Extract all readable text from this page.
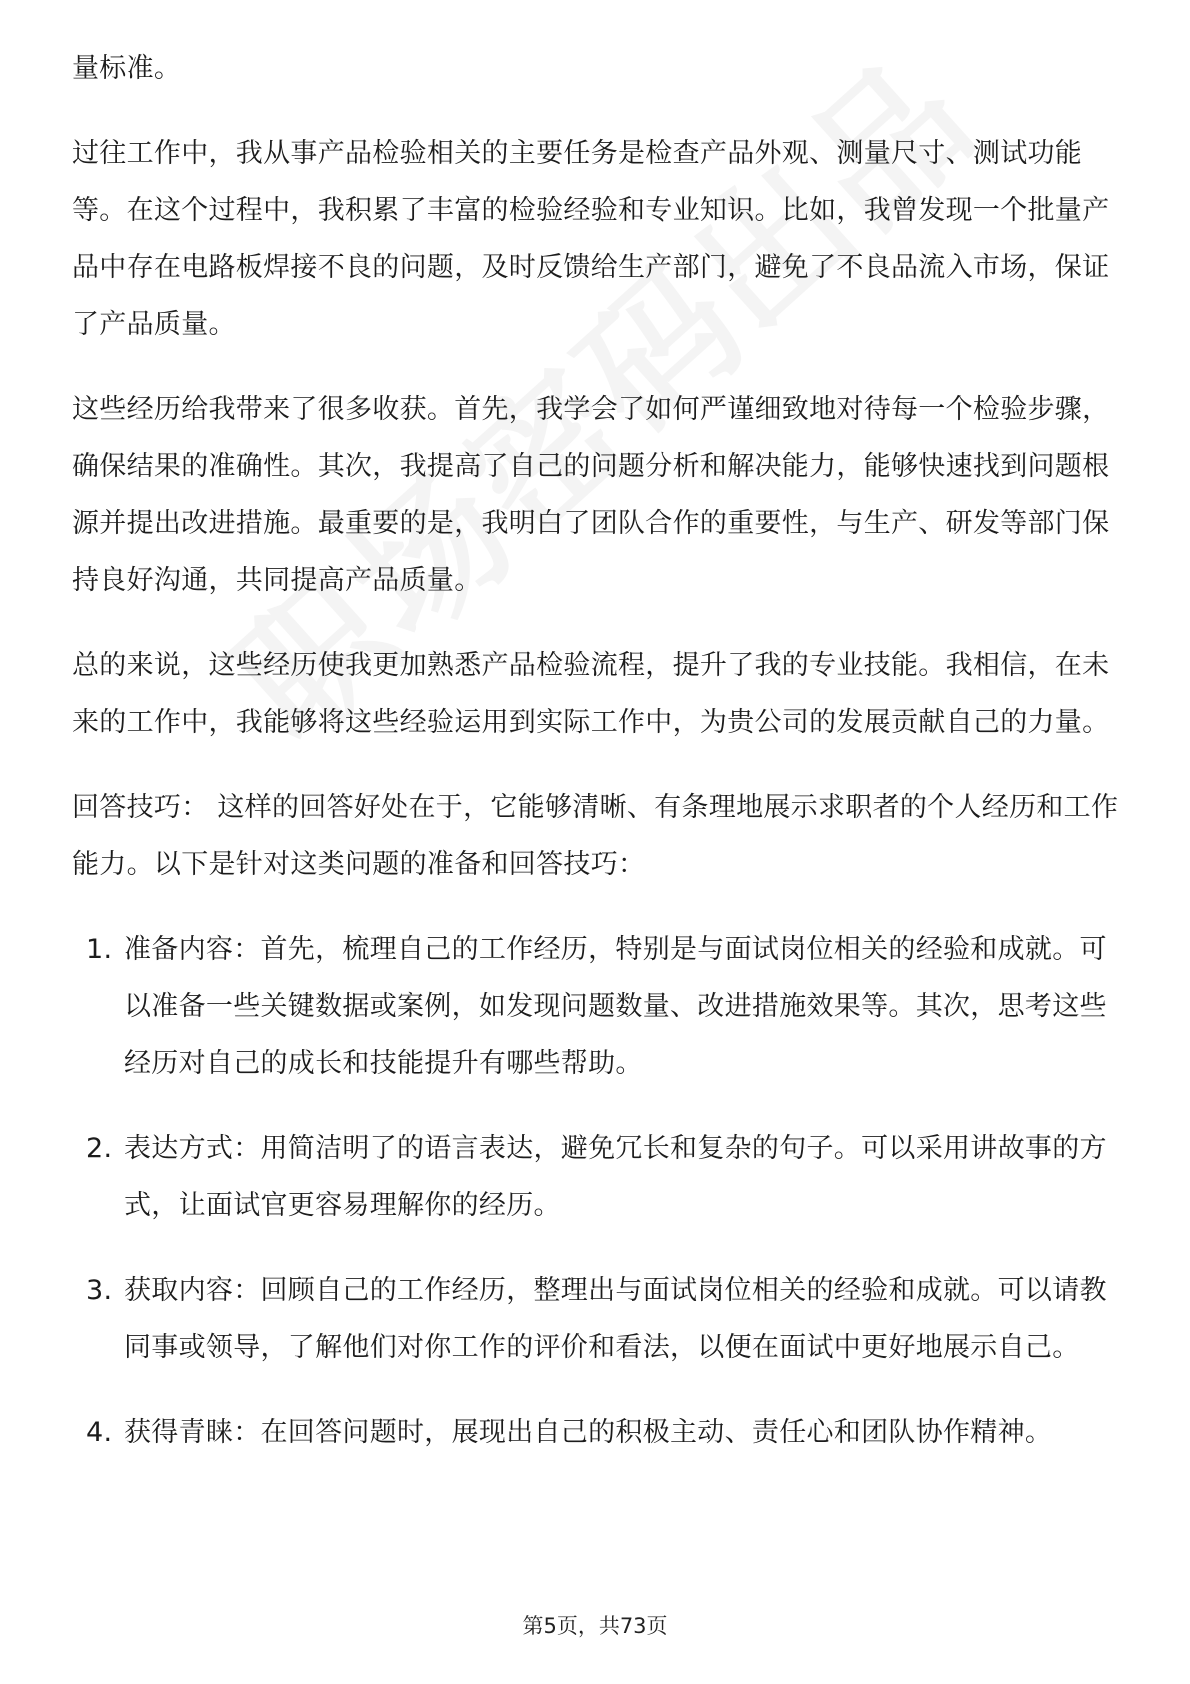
量标准。

过往工作中，我从事产品检验相关的主要任务是检查产品外观、测量尺寸、测试功能等。在这个过程中，我积累了丰富的检验经验和专业知识。比如，我曾发现一个批量产品中存在电路板焊接不良的问题，及时反馈给生产部门，避免了不良品流入市场，保证了产品质量。

这些经历给我带来了很多收获。首先，我学会了如何严谨细致地对待每一个检验步骤，确保结果的准确性。其次，我提高了自己的问题分析和解决能力，能够快速找到问题根源并提出改进措施。最重要的是，我明白了团队合作的重要性，与生产、研发等部门保持良好沟通，共同提高产品质量。

总的来说，这些经历使我更加熟悉产品检验流程，提升了我的专业技能。我相信，在未来的工作中，我能够将这些经验运用到实际工作中，为贵公司的发展贡献自己的力量。

回答技巧： 这样的回答好处在于，它能够清晰、有条理地展示求职者的个人经历和工作能力。以下是针对这类问题的准备和回答技巧：

1. 准备内容：首先，梳理自己的工作经历，特别是与面试岗位相关的经验和成就。可以准备一些关键数据或案例，如发现问题数量、改进措施效果等。其次，思考这些经历对自己的成长和技能提升有哪些帮助。
2. 表达方式：用简洁明了的语言表达，避免冗长和复杂的句子。可以采用讲故事的方式，让面试官更容易理解你的经历。
3. 获取内容：回顾自己的工作经历，整理出与面试岗位相关的经验和成就。可以请教同事或领导，了解他们对你工作的评价和看法，以便在面试中更好地展示自己。
4. 获得青睐：在回答问题时，展现出自己的积极主动、责任心和团队协作精神。
第5页，共73页
